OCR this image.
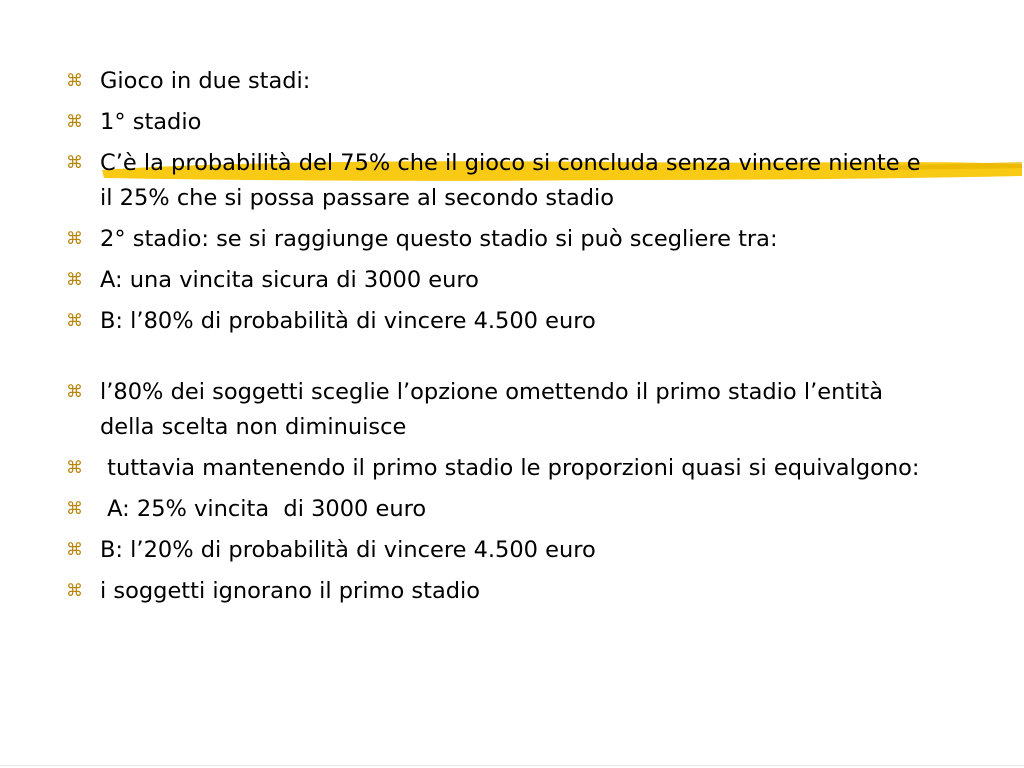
⌘ Gioco in due stadi:
⌘ 1° stadio
⌘ C’è la probabilità del 75% che il gioco si concluda senza vincere niente e il 25% che si possa passare al secondo stadio
⌘ 2° stadio: se si raggiunge questo stadio si può scegliere tra:
⌘ A: una vincita sicura di 3000 euro
⌘ B: l’80% di probabilità di vincere 4.500 euro
⌘ l’80% dei soggetti sceglie l’opzione omettendo il primo stadio l’entità  della scelta non diminuisce
⌘ tuttavia mantenendo il primo stadio le proporzioni quasi si equivalgono:
⌘ A: 25% vincita  di 3000 euro
⌘ B: l’20% di probabilità di vincere 4.500 euro
⌘ i soggetti ignorano il primo stadio
